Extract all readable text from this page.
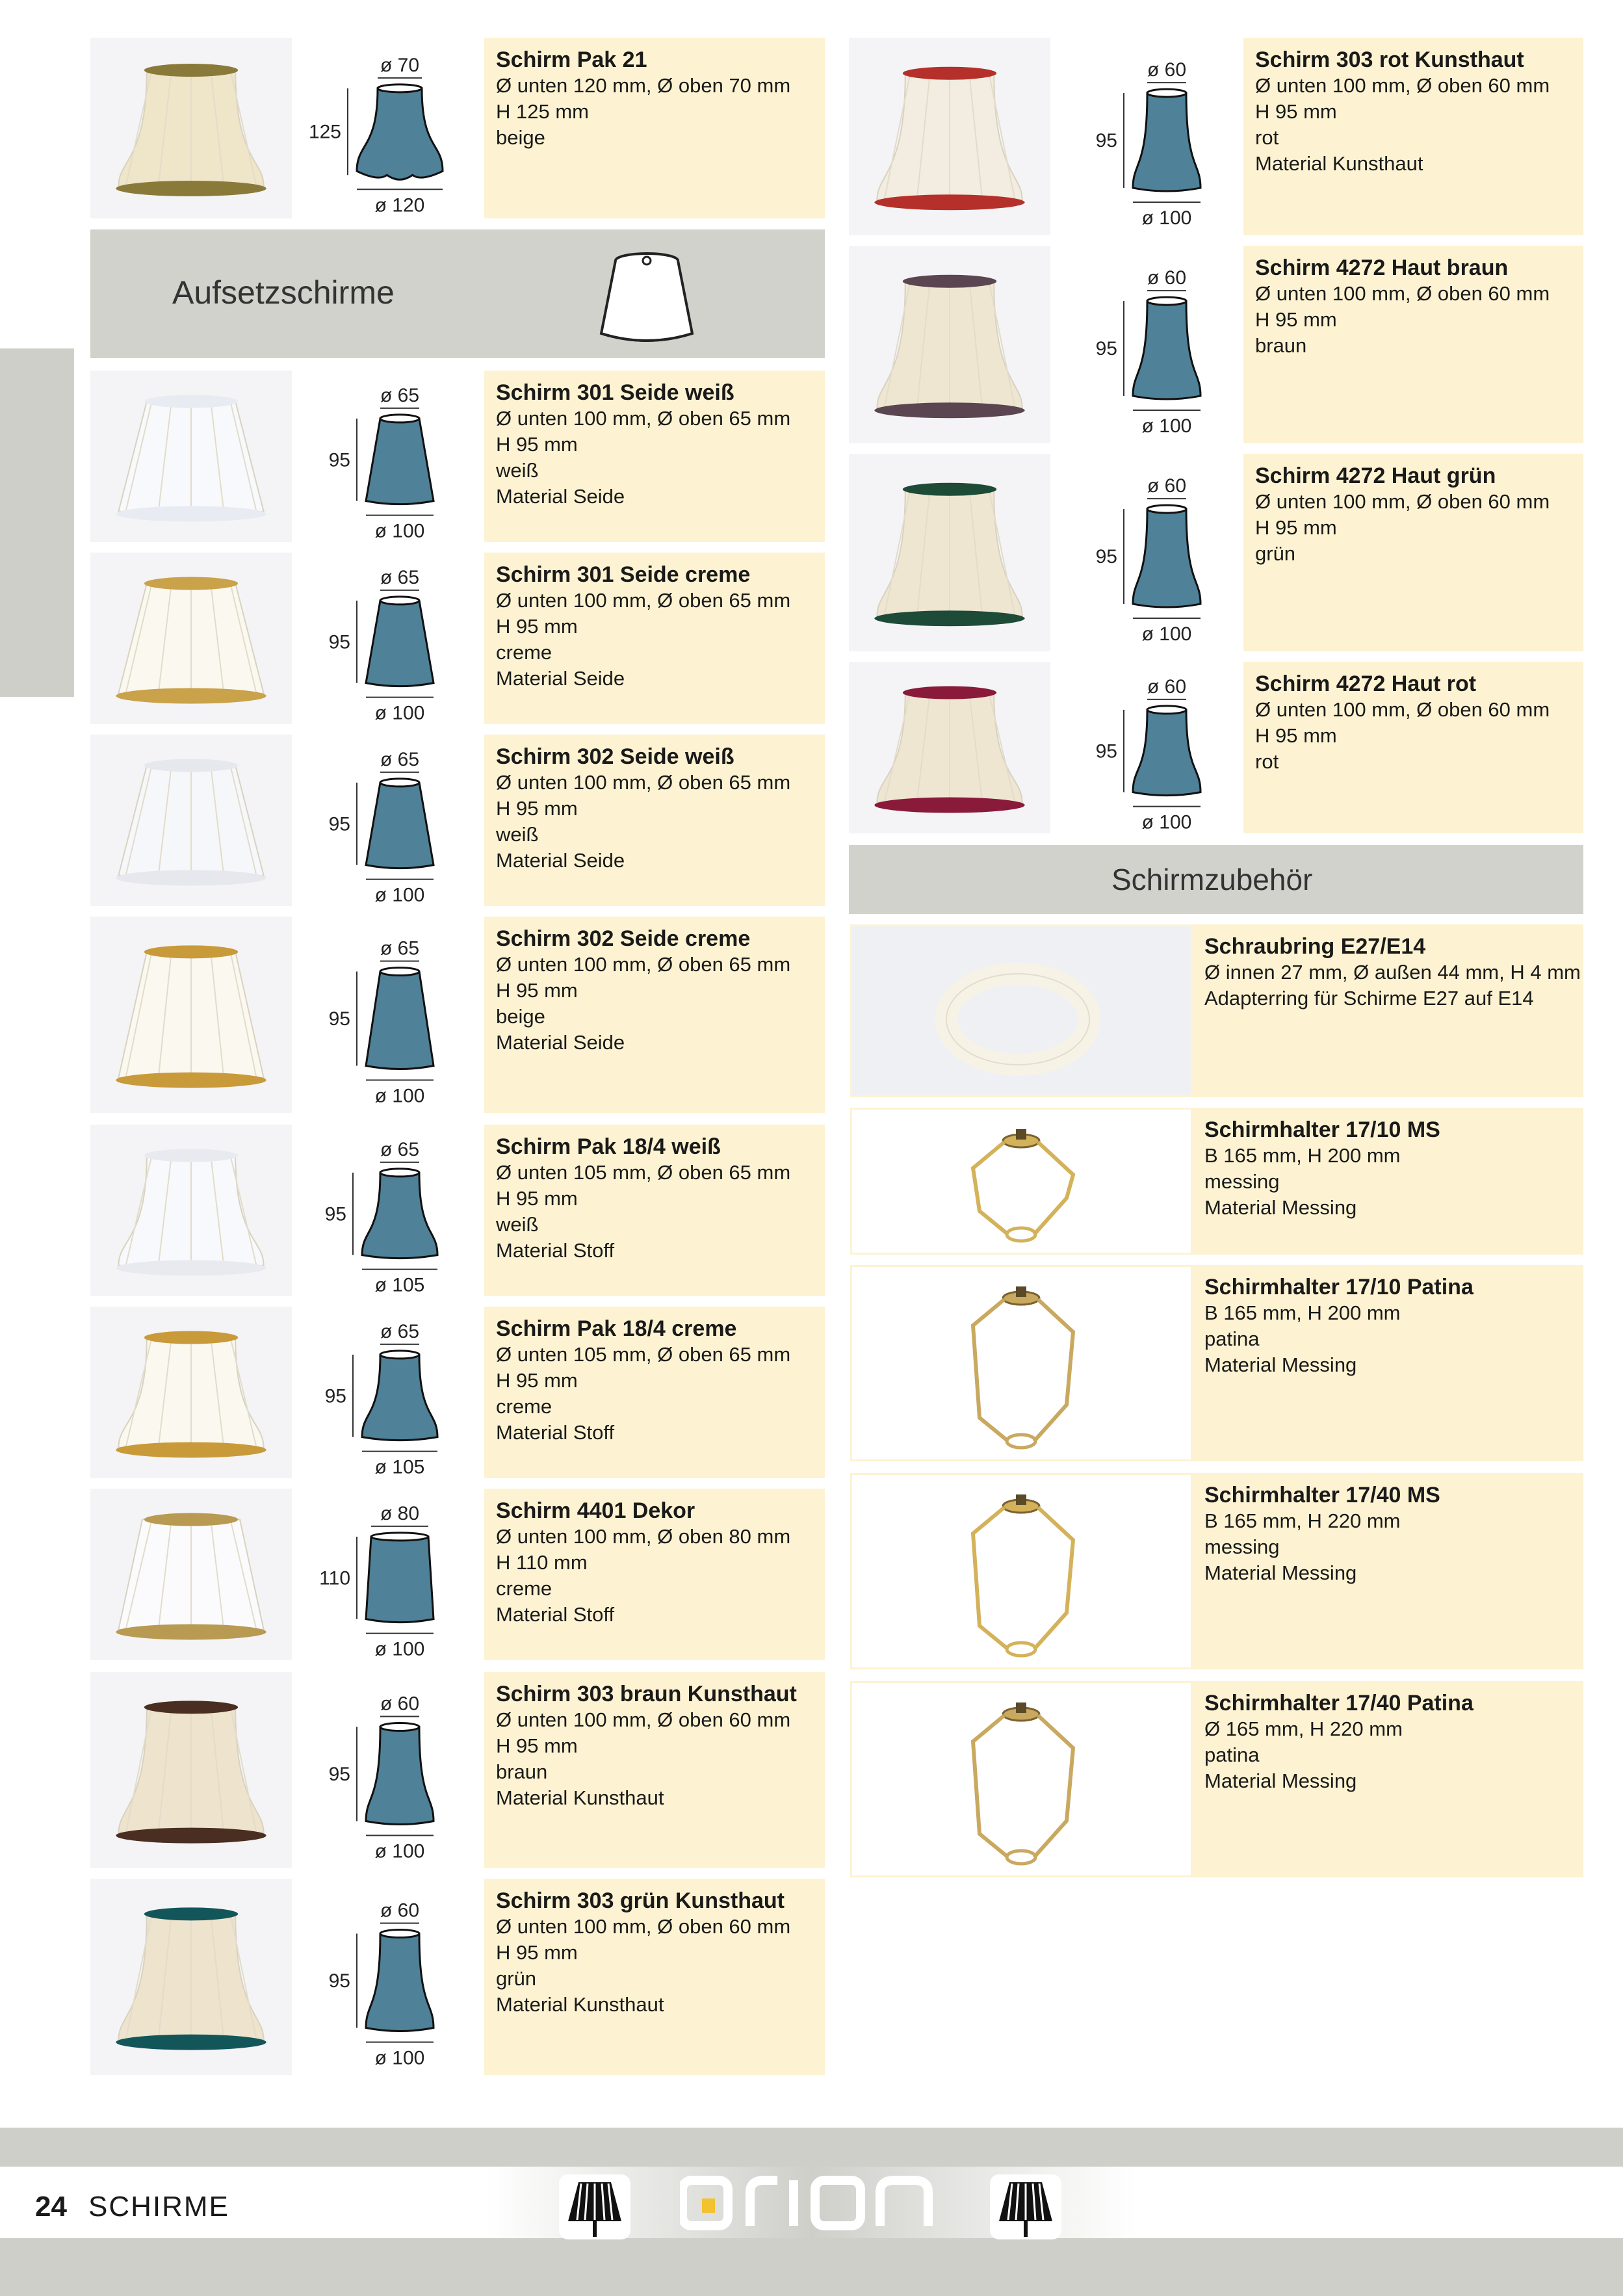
ø 70
ø 120
125
Schirm Pak 21
Ø unten 120 mm, Ø oben 70 mm
H 125 mm
beige
ø 65
ø 100
95
Schirm 301 Seide weiß
Ø unten 100 mm, Ø oben 65 mm
H 95 mm
weiß
Material Seide
ø 65
ø 100
95
Schirm 301 Seide creme
Ø unten 100 mm, Ø oben 65 mm
H 95 mm
creme
Material Seide
ø 65
ø 100
95
Schirm 302 Seide weiß
Ø unten 100 mm, Ø oben 65 mm
H 95 mm
weiß
Material Seide
ø 65
ø 100
95
Schirm 302 Seide creme
Ø unten 100 mm, Ø oben 65 mm
H 95 mm
beige
Material Seide
ø 65
ø 105
95
Schirm Pak 18/4 weiß
Ø unten 105 mm, Ø oben 65 mm
H 95 mm
weiß
Material Stoff
ø 65
ø 105
95
Schirm Pak 18/4 creme
Ø unten 105 mm, Ø oben 65 mm
H 95 mm
creme
Material Stoff
ø 80
ø 100
110
Schirm 4401 Dekor
Ø unten 100 mm, Ø oben 80 mm
H 110 mm
creme
Material Stoff
ø 60
ø 100
95
Schirm 303 braun Kunsthaut
Ø unten 100 mm, Ø oben 60 mm
H 95 mm
braun
Material Kunsthaut
ø 60
ø 100
95
Schirm 303 grün Kunsthaut
Ø unten 100 mm, Ø oben 60 mm
H 95 mm
grün
Material Kunsthaut
Aufsetzschirme
ø 60
ø 100
95
Schirm 303 rot Kunsthaut
Ø unten 100 mm, Ø oben 60 mm
H 95 mm
rot
Material Kunsthaut
ø 60
ø 100
95
Schirm 4272 Haut braun
Ø unten 100 mm, Ø oben 60 mm
H 95 mm
braun
ø 60
ø 100
95
Schirm 4272 Haut grün
Ø unten 100 mm, Ø oben 60 mm
H 95 mm
grün
ø 60
ø 100
95
Schirm 4272 Haut rot
Ø unten 100 mm, Ø oben 60 mm
H 95 mm
rot
Schirmzubehör
Schraubring E27/E14
Ø innen 27 mm, Ø außen 44 mm, H 4 mm
Adapterring für Schirme E27 auf E14
Schirmhalter 17/10 MS
B 165 mm, H 200 mm
messing
Material Messing
Schirmhalter 17/10 Patina
B 165 mm, H 200 mm
patina
Material Messing
Schirmhalter 17/40 MS
B 165 mm, H 220 mm
messing
Material Messing
Schirmhalter 17/40 Patina
Ø 165 mm, H 220 mm
patina
Material Messing
24 SCHIRME
